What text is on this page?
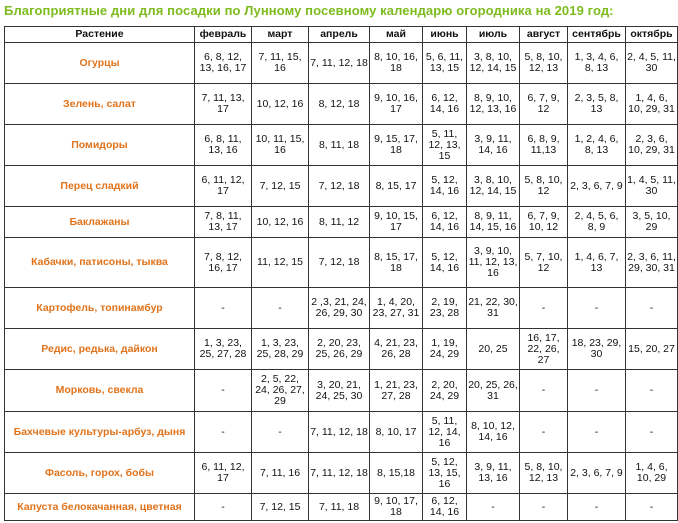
Благоприятные дни для посадки по Лунному посевному календарю огородника на 2019 год:
Растение	февраль	март	апрель	май	июнь	июль	август	сентябрь	октябрь
Огурцы	6, 8, 12, 13, 16, 17	7, 11, 15, 16	7, 11, 12, 18	8, 10, 16, 18	5, 6, 11, 13, 15	3, 8, 10, 12, 14, 15	5, 8, 10, 12, 13	1, 3, 4, 6, 8, 13	2, 4, 5, 11, 30
Зелень, салат	7, 11, 13, 17	10, 12, 16	8, 12, 18	9, 10, 16, 17	6, 12, 14, 16	8, 9, 10, 12, 13, 16	6, 7, 9, 12	2, 3, 5, 8, 13	1, 4, 6, 10, 29, 31
Помидоры	6, 8, 11, 13, 16	10, 11, 15, 16	8, 11, 18	9, 15, 17, 18	5, 11, 12, 13, 15	3, 9, 11, 14, 16	6, 8, 9, 11,13	1, 2, 4, 6, 8, 13	2, 3, 6, 10, 29, 31
Перец сладкий	6, 11, 12, 17	7, 12, 15	7, 12, 18	8, 15, 17	5, 12, 14, 16	3, 8, 10, 12, 14, 15	5, 8, 10, 12	2, 3, 6, 7, 9	1, 4, 5, 11, 30
Баклажаны	7, 8, 11, 13, 17	10, 12, 16	8, 11, 12	9, 10, 15, 17	6, 12, 14, 16	8, 9, 11, 14, 15, 16	6, 7, 9, 10, 12	2, 4, 5, 6, 8, 9	3, 5, 10, 29
Кабачки, патисоны, тыква	7, 8, 12, 16, 17	11, 12, 15	7, 12, 18	8, 15, 17, 18	5, 12, 14, 16	3, 9, 10, 11, 12, 13, 16	5, 7, 10, 12	1, 4, 6, 7, 13	2, 3, 6, 11, 29, 30, 31
Картофель, топинамбур	-	-	2 ,3, 21, 24, 26, 29, 30	1, 4, 20, 23, 27, 31	2, 19, 23, 28	21, 22, 30, 31	-	-	-
Редис, редька, дайкон	1, 3, 23, 25, 27, 28	1, 3, 23, 25, 28, 29	2, 20, 23, 25, 26, 29	4, 21, 23, 26, 28	1, 19, 24, 29	20, 25	16, 17, 22, 26, 27	18, 23, 29, 30	15, 20, 27
Морковь, свекла	-	2, 5, 22, 24, 26, 27, 29	3, 20, 21, 24, 25, 30	1, 21, 23, 27, 28	2, 20, 24, 29	20, 25, 26, 31	-	-	-
Бахчевые культуры-арбуз, дыня	-	-	7, 11, 12, 18	8, 10, 17	5, 11, 12, 14, 16	8, 10, 12, 14, 16	-	-	-
Фасоль, горох, бобы	6, 11, 12, 17	7, 11, 16	7, 11, 12, 18	8, 15,18	5, 12, 13, 15, 16	3, 9, 11, 13, 16	5, 8, 10, 12, 13	2, 3, 6, 7, 9	1, 4, 6, 10, 29
Капуста белокачанная, цветная	-	7, 12, 15	7, 11, 18	9, 10, 17, 18	6, 12, 14, 16	-	-	-	-
